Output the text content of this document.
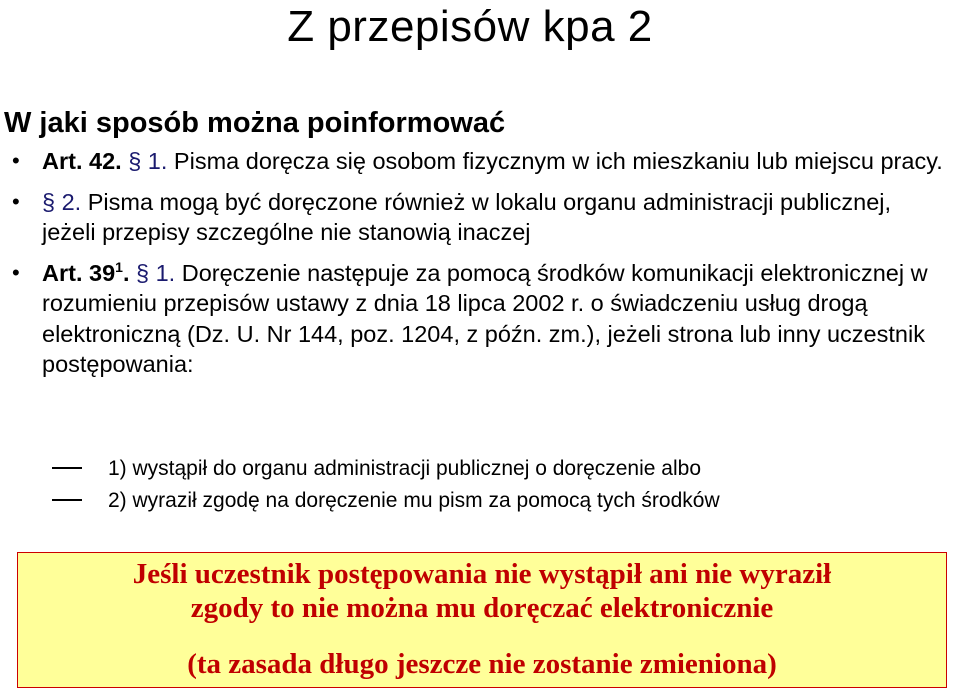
Z przepisów kpa 2
W jaki sposób można poinformować
• Art. 42. § 1. Pisma doręcza się osobom fizycznym w ich mieszkaniu lub miejscu pracy.
• § 2. Pisma mogą być doręczone również w lokalu organu administracji publicznej, jeżeli przepisy szczególne nie stanowią inaczej
• Art. $39^1$. § 1. Doręczenie następuje za pomocą środków komunikacji elektronicznej w rozumieniu przepisów ustawy z dnia 18 lipca 2002 r. o świadczeniu usług drogą elektroniczną (Dz. U. Nr 144, poz. 1204, z późn. zm.), jeżeli strona lub inny uczestnik postępowania:
1) wystąpił do organu administracji publicznej o doręczenie albo
2) wyraził zgodę na doręczenie mu pism za pomocą tych środków
Jeśli uczestnik postępowania nie wystąpił ani nie wyraził
zgody to nie można mu doręczać elektronicznie
(ta zasada długo jeszcze nie zostanie zmieniona)
